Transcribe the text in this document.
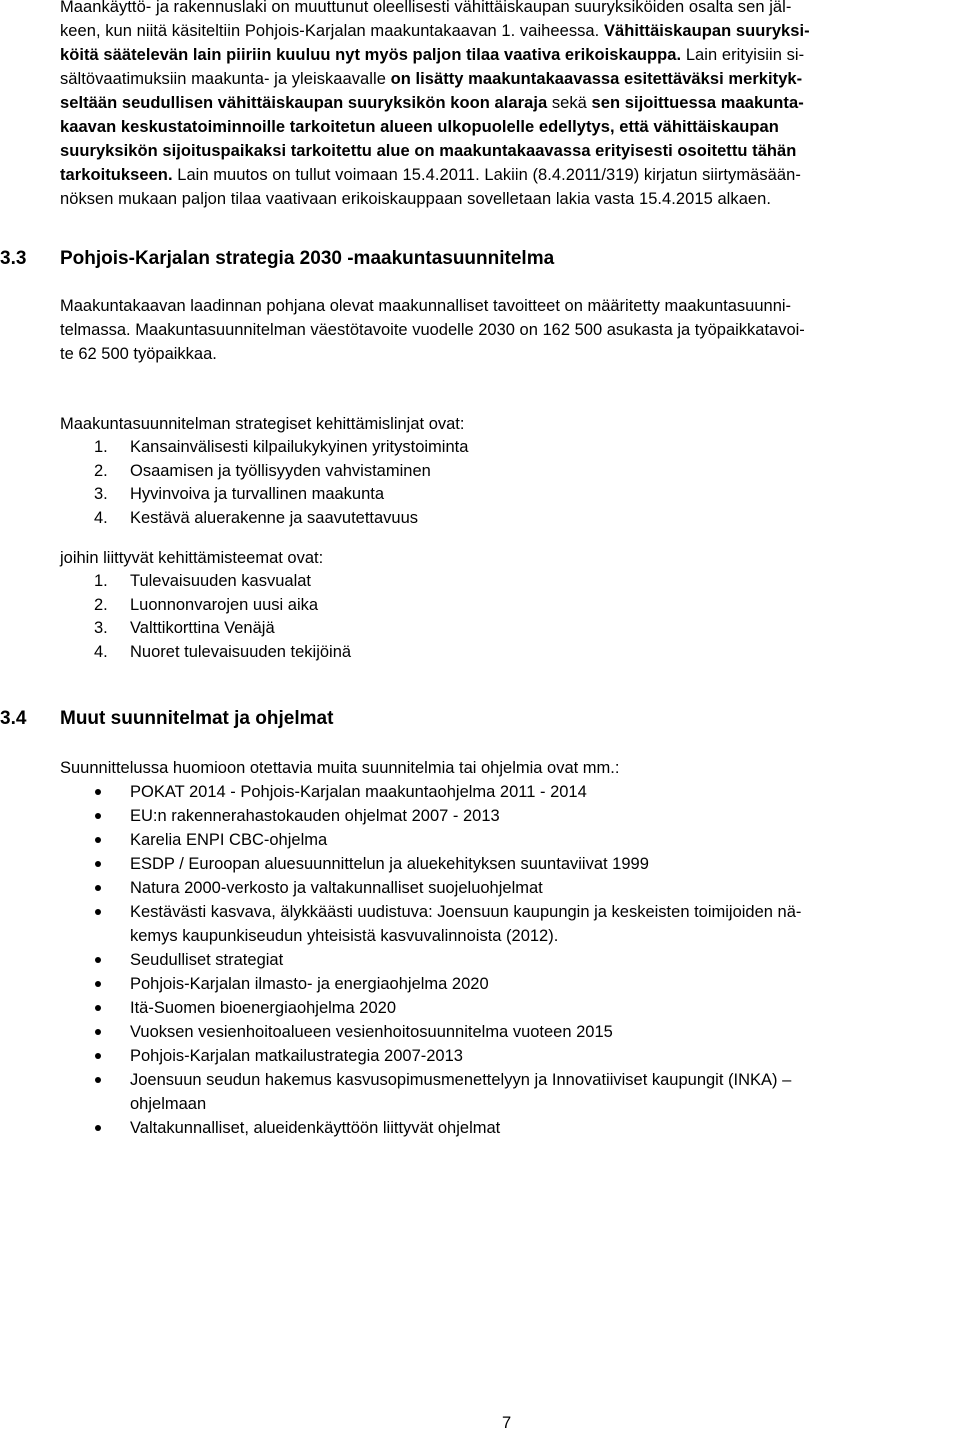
Maankäyttö- ja rakennuslaki on muuttunut oleellisesti vähittäiskaupan suuryksiköiden osalta sen jäl-
keen, kun niitä käsiteltiin Pohjois-Karjalan maakuntakaavan 1. vaiheessa. Vähittäiskaupan suuryksi-
köitä säätelevän lain piiriin kuuluu nyt myös paljon tilaa vaativa erikoiskauppa. Lain erityisiin si-
sältövaatimuksiin maakunta- ja yleiskaavalle on lisätty maakuntakaavassa esitettäväksi merkityk-
seltään seudullisen vähittäiskaupan suuryksikön koon alaraja sekä sen sijoittuessa maakunta-
kaavan keskustatoiminnoille tarkoitetun alueen ulkopuolelle edellytys, että vähittäiskaupan
suuryksikön sijoituspaikaksi tarkoitettu alue on maakuntakaavassa erityisesti osoitettu tähän
tarkoitukseen. Lain muutos on tullut voimaan 15.4.2011. Lakiin (8.4.2011/319) kirjatun siirtymäsään-
nöksen mukaan paljon tilaa vaativaan erikoiskauppaan sovelletaan lakia vasta 15.4.2015 alkaen.

3.3 Pohjois-Karjalan strategia 2030 -maakuntasuunnitelma

Maakuntakaavan laadinnan pohjana olevat maakunnalliset tavoitteet on määritetty maakuntasuunni-
telmassa. Maakuntasuunnitelman väestötavoite vuodelle 2030 on 162 500 asukasta ja työpaikkatavoi-
te 62 500 työpaikkaa.

Maakuntasuunnitelman strategiset kehittämislinjat ovat:

1. Kansainvälisesti kilpailukykyinen yritystoiminta
2. Osaamisen ja työllisyyden vahvistaminen
3. Hyvinvoiva ja turvallinen maakunta
4. Kestävä aluerakenne ja saavutettavuus

joihin liittyvät kehittämisteemat ovat:

1. Tulevaisuuden kasvualat
2. Luonnonvarojen uusi aika
3. Valttikorttina Venäjä
4. Nuoret tulevaisuuden tekijöinä
3.4 Muut suunnitelmat ja ohjelmat

Suunnittelussa huomioon otettavia muita suunnitelmia tai ohjelmia ovat mm.:

POKAT 2014 - Pohjois-Karjalan maakuntaohjelma 2011 - 2014
EU:n rakennerahastokauden ohjelmat 2007 - 2013
Karelia ENPI CBC-ohjelma
ESDP / Euroopan aluesuunnittelun ja aluekehityksen suuntaviivat 1999
Natura 2000-verkosto ja valtakunnalliset suojeluohjelmat
Kestävästi kasvava, älykkäästi uudistuva: Joensuun kaupungin ja keskeisten toimijoiden nä-
kemys kaupunkiseudun yhteisistä kasvuvalinnoista (2012).
Seudulliset strategiat
Pohjois-Karjalan ilmasto- ja energiaohjelma 2020
Itä-Suomen bioenergiaohjelma 2020
Vuoksen vesienhoitoalueen vesienhoitosuunnitelma vuoteen 2015
Pohjois-Karjalan matkailustrategia 2007-2013
Joensuun seudun hakemus kasvusopimusmenettelyyn ja Innovatiiviset kaupungit (INKA) –
ohjelmaan
Valtakunnalliset, alueidenkäyttöön liittyvät ohjelmat
7
